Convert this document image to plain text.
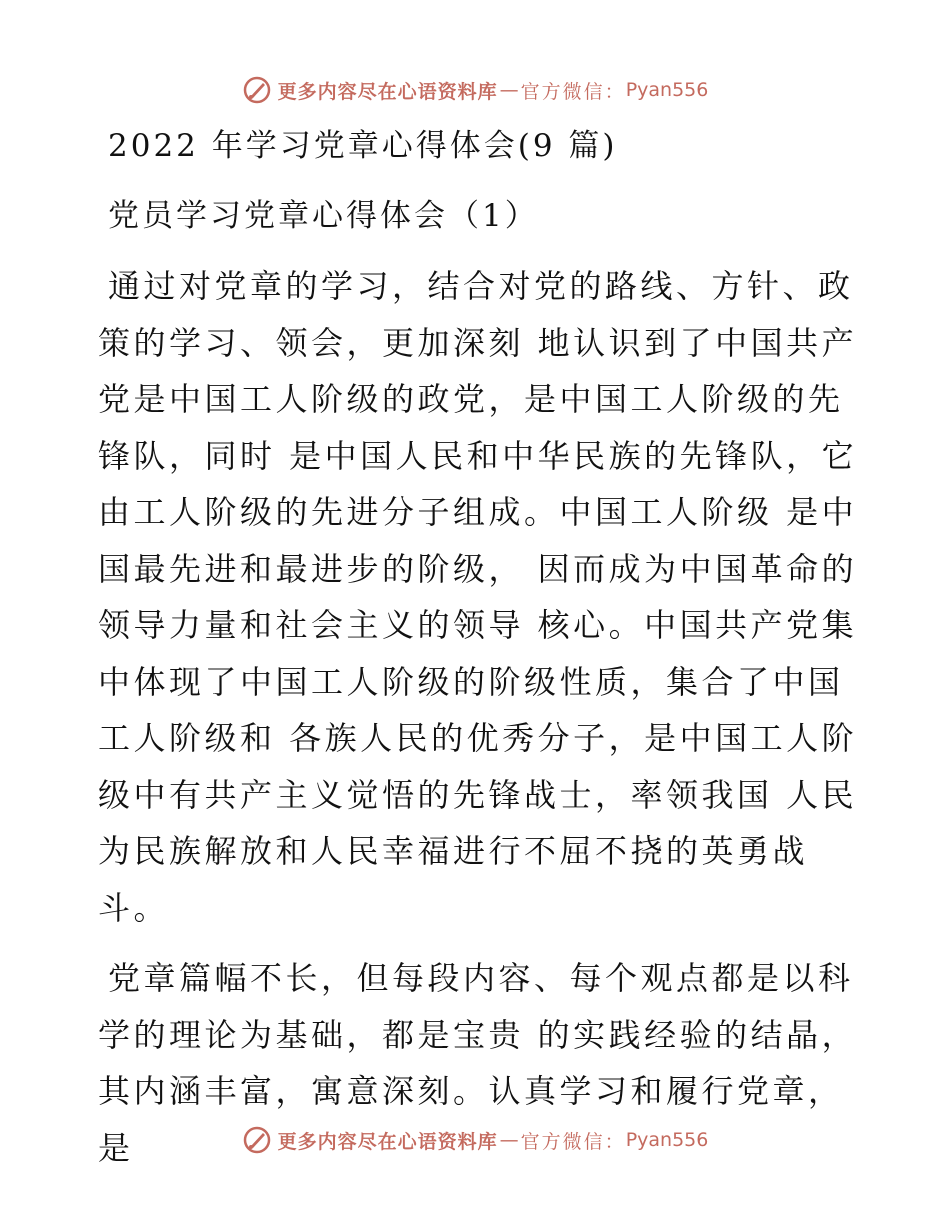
更多内容尽在心语资料库 — 官方微信： Pyan556
2022 年学习党章心得体会(9 篇)
党员学习党章心得体会（1）

通过对党章的学习，结合对党的路线、方针、政策的学习、领会，更加深刻 地认识到了中国共产党是中国工人阶级的政党，是中国工人阶级的先锋队，同时 是中国人民和中华民族的先锋队，它由工人阶级的先进分子组成。中国工人阶级 是中国最先进和最进步的阶级， 因而成为中国革命的领导力量和社会主义的领导 核心。中国共产党集中体现了中国工人阶级的阶级性质，集合了中国工人阶级和 各族人民的优秀分子，是中国工人阶级中有共产主义觉悟的先锋战士，率领我国 人民为民族解放和人民幸福进行不屈不挠的英勇战斗。

党章篇幅不长，但每段内容、每个观点都是以科学的理论为基础，都是宝贵 的实践经验的结晶，其内涵丰富，寓意深刻。认真学习和履行党章，是	更多内容尽在心语资料库 — 官方微信： Pyan556
